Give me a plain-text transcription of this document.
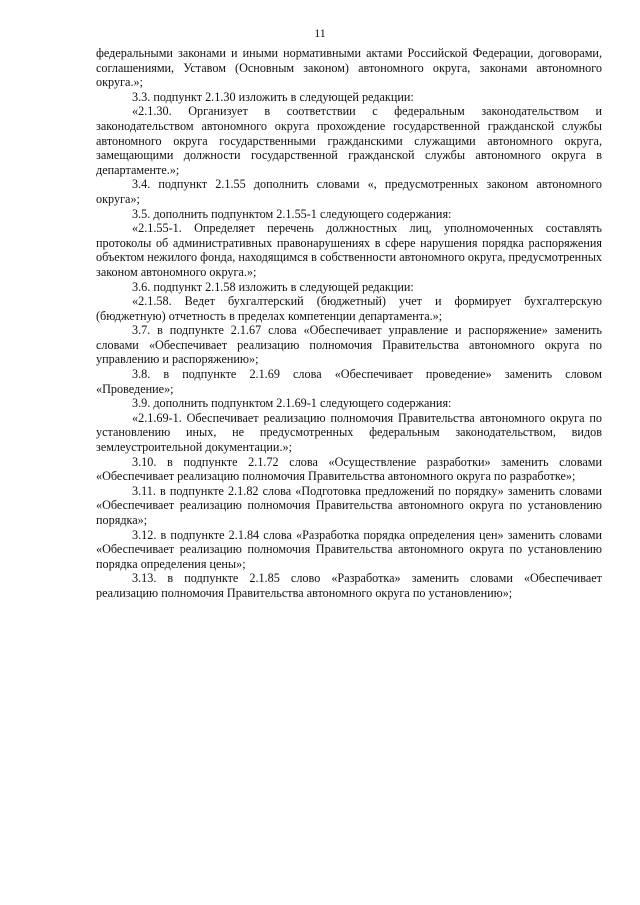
11

федеральными законами и иными нормативными актами Российской Федерации, договорами, соглашениями, Уставом (Основным законом) автономного округа, законами автономного округа.»;

3.3. подпункт 2.1.30 изложить в следующей редакции:

«2.1.30. Организует в соответствии с федеральным законодательством и законодательством автономного округа прохождение государственной гражданской службы автономного округа государственными гражданскими служащими автономного округа, замещающими должности государственной гражданской службы автономного округа в департаменте.»;

3.4. подпункт 2.1.55 дополнить словами «, предусмотренных законом автономного округа»;

3.5. дополнить подпунктом 2.1.55-1 следующего содержания:

«2.1.55-1. Определяет перечень должностных лиц, уполномоченных составлять протоколы об административных правонарушениях в сфере нарушения порядка распоряжения объектом нежилого фонда, находящимся в собственности автономного округа, предусмотренных законом автономного округа.»;

3.6. подпункт 2.1.58 изложить в следующей редакции:

«2.1.58. Ведет бухгалтерский (бюджетный) учет и формирует бухгалтерскую (бюджетную) отчетность в пределах компетенции департамента.»;

3.7. в подпункте 2.1.67 слова «Обеспечивает управление и распоряжение» заменить словами «Обеспечивает реализацию полномочия Правительства автономного округа по управлению и распоряжению»;

3.8. в подпункте 2.1.69 слова «Обеспечивает проведение» заменить словом «Проведение»;

3.9. дополнить подпунктом 2.1.69-1 следующего содержания:

«2.1.69-1. Обеспечивает реализацию полномочия Правительства автономного округа по установлению иных, не предусмотренных федеральным законодательством, видов землеустроительной документации.»;

3.10. в подпункте 2.1.72 слова «Осуществление разработки» заменить словами «Обеспечивает реализацию полномочия Правительства автономного округа по разработке»;

3.11. в подпункте 2.1.82 слова «Подготовка предложений по порядку» заменить словами «Обеспечивает реализацию полномочия Правительства автономного округа по установлению порядка»;

3.12. в подпункте 2.1.84 слова «Разработка порядка определения цен» заменить словами «Обеспечивает реализацию полномочия Правительства автономного округа по установлению порядка определения цены»;

3.13. в подпункте 2.1.85 слово «Разработка» заменить словами «Обеспечивает реализацию полномочия Правительства автономного округа по установлению»;
